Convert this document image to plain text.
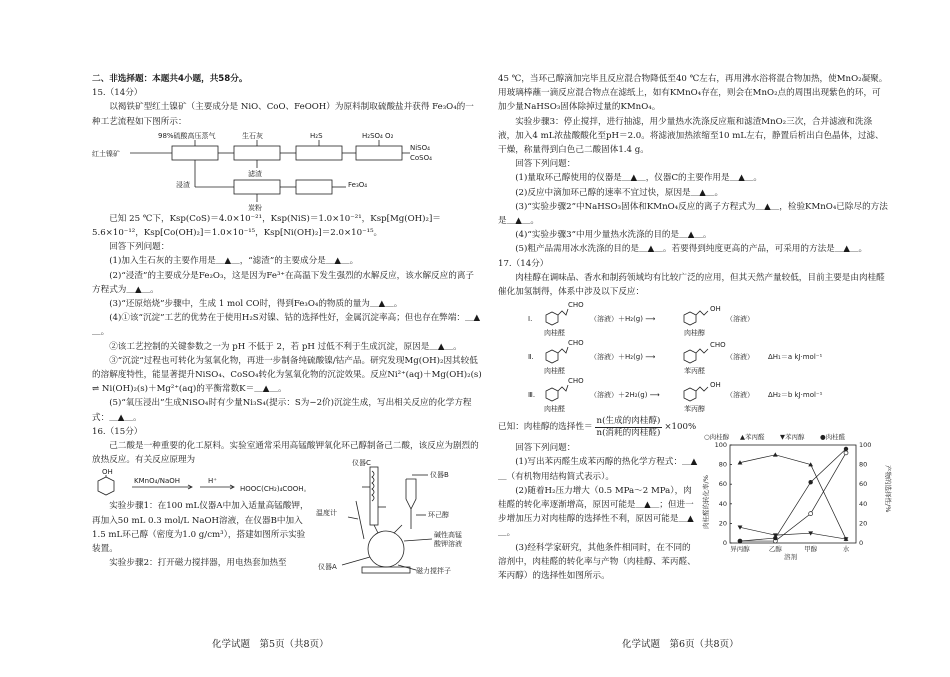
二、非选择题：本题共4小题，共58分。

15.（14分）

以褐铁矿型红土镍矿（主要成分是 NiO、CoO、FeOOH）为原料制取硫酸盐并获得 Fe₃O₄的一种工艺流程如下图所示：

98%硫酸高压蒸气	生石灰	H₂S	H₂SO₄ O₂
红土镍矿
NiSO₄
CoSO₄
滤渣
浸渣
炭粉
Fe₃O₄

已知 25 ℃下，Ksp(CoS)＝4.0×10⁻²¹，Ksp(NiS)＝1.0×10⁻²¹，Ksp[Mg(OH)₂]＝5.6×10⁻¹²，Ksp[Co(OH)₂]＝1.0×10⁻¹⁵，Ksp[Ni(OH)₂]＝2.0×10⁻¹⁵。

回答下列问题：

(1)加入生石灰的主要作用是＿▲＿，“滤渣”的主要成分是＿▲＿。

(2)“浸渣”的主要成分是Fe₂O₃，这是因为Fe³⁺在高温下发生强烈的水解反应，该水解反应的离子方程式为＿▲＿。

(3)“还原焙烧”步骤中，生成 1 mol CO时，得到Fe₃O₄的物质的量为＿▲＿。

(4)①该“沉淀”工艺的优势在于使用H₂S对镍、钴的选择性好，金属沉淀率高；但也存在弊端：＿▲＿。

②该工艺控制的关键参数之一为 pH 不低于 2，若 pH 过低不利于生成沉淀，原因是＿▲＿。

③“沉淀”过程也可转化为氢氧化物，再进一步制备纯硫酸镍/钴产品。研究发现Mg(OH)₂因其较低的溶解度特性，能显著提升NiSO₄、CoSO₄转化为氢氧化物的沉淀效果。反应Ni²⁺(aq)＋Mg(OH)₂(s) ⇌ Ni(OH)₂(s)＋Mg²⁺(aq)的平衡常数K＝＿▲＿。

(5)“氧压浸出”生成NiSO₄时有少量Ni₃S₄(提示：S为−2价)沉淀生成，写出相关反应的化学方程式：＿▲＿。

16.（15分）

己二酸是一种重要的化工原料。实验室通常采用高锰酸钾氧化环己醇制备己二酸，该反应为剧烈的放热反应。有关反应原理为

OH
KMnO₄/NaOH	H⁺
HOOC(CH₂)₄COOH。

实验步骤1：在100 mL仪器A中加入适量高锰酸钾，再加入50 mL 0.3 mol/L NaOH溶液，在仪器B中加入1.5 mL环己醇（密度为1.0 g/cm³），搭建如图所示实验装置。

实验步骤2：打开磁力搅拌器，用电热套加热至

仪器C
仪器B
温度计	环己醇
碱性高锰
酸钾溶液
仪器A	磁力搅拌子

45 ℃，当环己醇滴加完毕且反应混合物降低至40 ℃左右，再用沸水浴将混合物加热，使MnO₂凝聚。用玻璃棒蘸一滴反应混合物点在滤纸上，如有KMnO₄存在，则会在MnO₂点的周围出现紫色的环，可加少量NaHSO₃固体除掉过量的KMnO₄。

实验步骤3：停止搅拌，进行抽滤，用少量热水洗涤反应瓶和滤渣MnO₂三次，合并滤液和洗涤液，加入4 mL浓盐酸酸化至pH＝2.0。将滤液加热浓缩至10 mL左右，静置后析出白色晶体，过滤、干燥，称量得到白色己二酸固体1.4 g。

回答下列问题：

(1)量取环己醇使用的仪器是＿▲＿，仪器C的主要作用是＿▲＿。

(2)反应中滴加环己醇的速率不宜过快，原因是＿▲＿。

(3)“实验步骤2”中NaHSO₃固体和KMnO₄反应的离子方程式为＿▲＿，检验KMnO₄已除尽的方法是＿▲＿。

(4)“实验步骤3”中用少量热水洗涤的目的是＿▲＿。

(5)粗产品需用冰水洗涤的目的是＿▲＿。若要得到纯度更高的产品，可采用的方法是＿▲＿。

17.（14分）

肉桂醇在调味品、香水和制药领域均有比较广泛的应用，但其天然产量较低，目前主要是由肉桂醛催化加氢制得，体系中涉及以下反应：

Ⅰ.
肉桂醛
CHO
（溶液）＋H₂(g) ⟶
肉桂醇
OH
（溶液）
Ⅱ.
肉桂醛
CHO
（溶液）＋H₂(g) ⟶
苯丙醛
CHO
（溶液） ΔH₁＝a kJ·mol⁻¹
Ⅲ.
肉桂醛
CHO
（溶液）＋2H₂(g) ⟶
苯丙醇
OH
（溶液） ΔH₂＝b kJ·mol⁻¹
已知：肉桂醇的选择性＝
n(生成的肉桂醇)
n(消耗的肉桂醛)
×100%

回答下列问题：

(1)写出苯丙醛生成苯丙醇的热化学方程式：＿▲＿（有机物用结构简式表示）。

(2)随着H₂压力增大（0.5 MPa～2 MPa），肉桂醛的转化率逐渐增高，原因可能是＿▲＿；但进一步增加压力对肉桂醇的选择性不利，原因可能是＿▲＿。

(3)经科学家研究，其他条件相同时，在不同的溶剂中，肉桂醛的转化率与产物（肉桂醇、苯丙醛、苯丙醇）的选择性如图所示。

○肉桂醇 ▲苯丙醛 ▼苯丙醇 ●肉桂醛
溶剂
肉桂醛的转化率/%	产物的选择性/%
0	0
20	20
40	40
60	60
80	80
100	100
异丙醇	乙醇	甲醇	水
化学试题　第5页（共8页）	化学试题　第6页（共8页）
